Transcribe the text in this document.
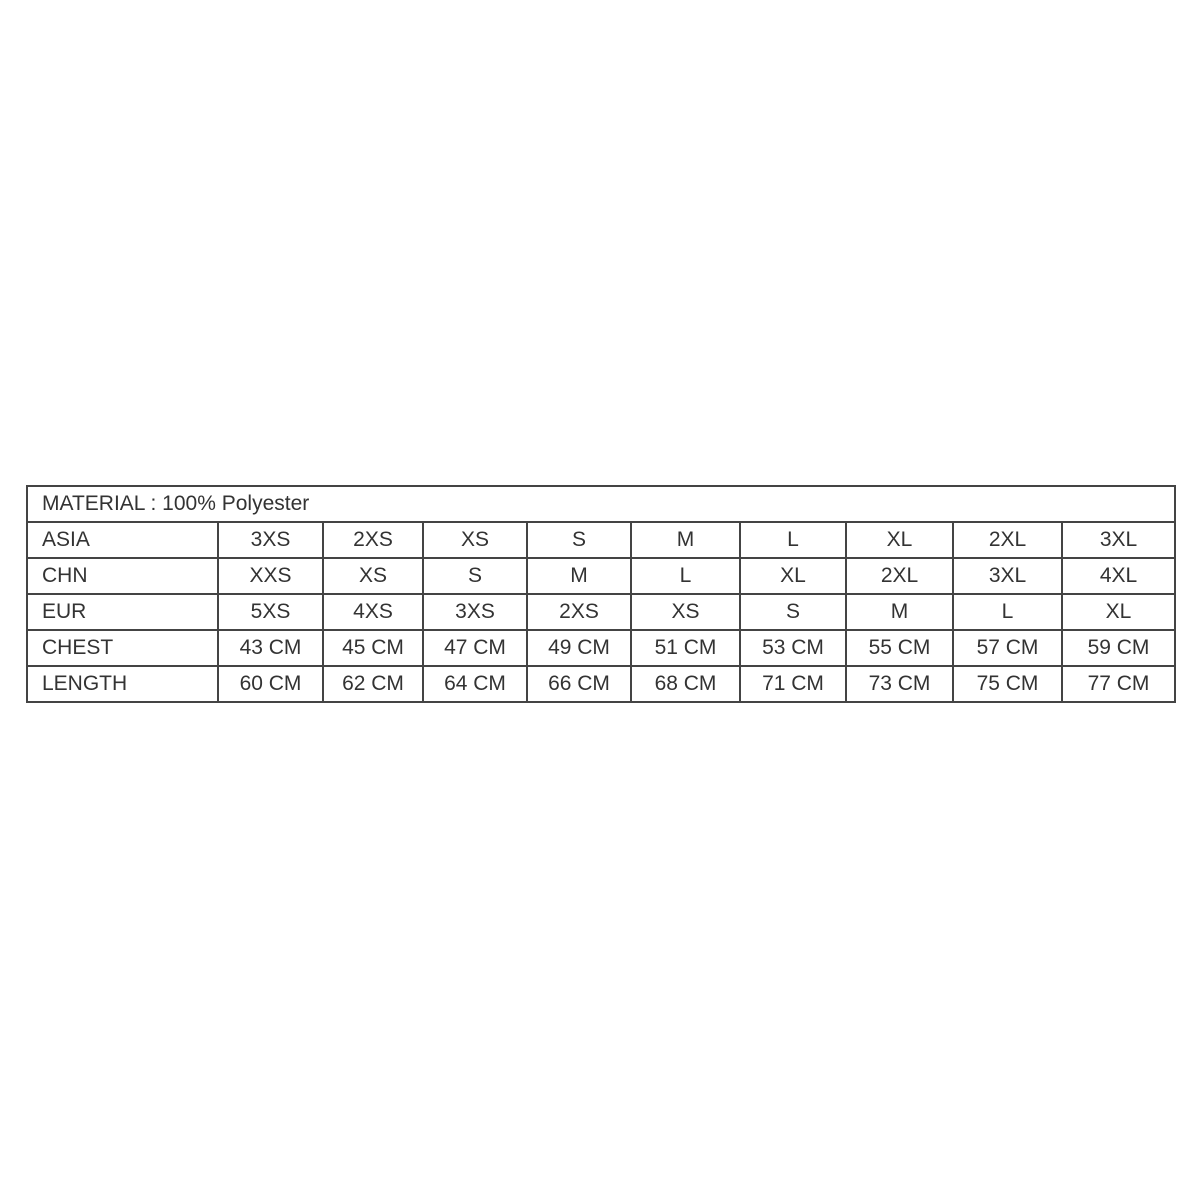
MATERIAL : 100% Polyester									
ASIA	3XS	2XS	XS	S	M	L	XL	2XL	3XL
CHN	XXS	XS	S	M	L	XL	2XL	3XL	4XL
EUR	5XS	4XS	3XS	2XS	XS	S	M	L	XL
CHEST	43 CM	45 CM	47 CM	49 CM	51 CM	53 CM	55 CM	57 CM	59 CM
LENGTH	60 CM	62 CM	64 CM	66 CM	68 CM	71 CM	73 CM	75 CM	77 CM
